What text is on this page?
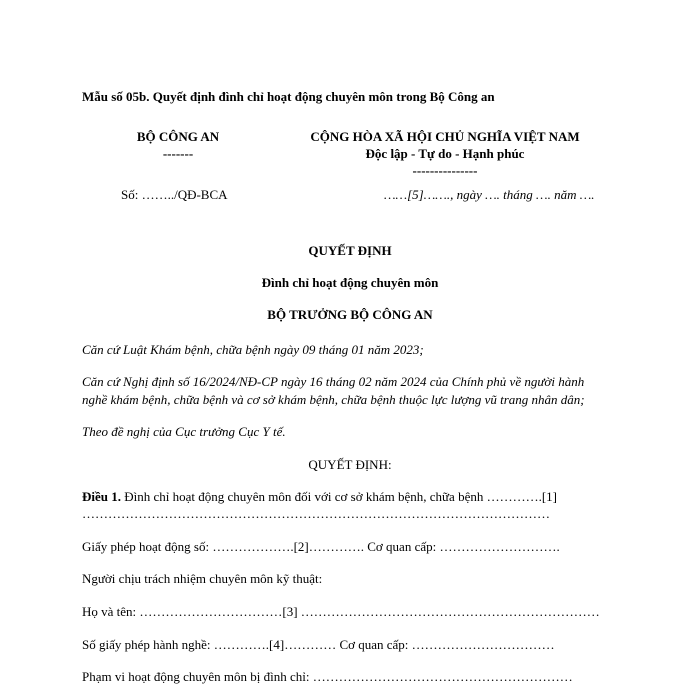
Mẫu số 05b. Quyết định đình chỉ hoạt động chuyên môn trong Bộ Công an
BỘ CÔNG AN
-------
CỘNG HÒA XÃ HỘI CHỦ NGHĨA VIỆT NAM
Độc lập - Tự do - Hạnh phúc
---------------
Số: ……../QĐ-BCA	……[5]……., ngày …. tháng …. năm ….
QUYẾT ĐỊNH
Đình chỉ hoạt động chuyên môn
BỘ TRƯỞNG BỘ CÔNG AN
Căn cứ Luật Khám bệnh, chữa bệnh ngày 09 tháng 01 năm 2023;
Căn cứ Nghị định số 16/2024/NĐ-CP ngày 16 tháng 02 năm 2024 của Chính phủ về người hành
nghề khám bệnh, chữa bệnh và cơ sở khám bệnh, chữa bệnh thuộc lực lượng vũ trang nhân dân;
Theo đề nghị của Cục trưởng Cục Y tế.
QUYẾT ĐỊNH:
Điều 1. Đình chỉ hoạt động chuyên môn đối với cơ sở khám bệnh, chữa bệnh ………….[1]
………………………………………………………………………………………………
Giấy phép hoạt động số: ……………….[2]…………. Cơ quan cấp: ……………………….
Người chịu trách nhiệm chuyên môn kỹ thuật:
Họ và tên: ……………………………[3] ……………………………………………………………
Số giấy phép hành nghề: ………….[4]………… Cơ quan cấp: ……………………………
Phạm vi hoạt động chuyên môn bị đình chỉ: ……………………………………………………
